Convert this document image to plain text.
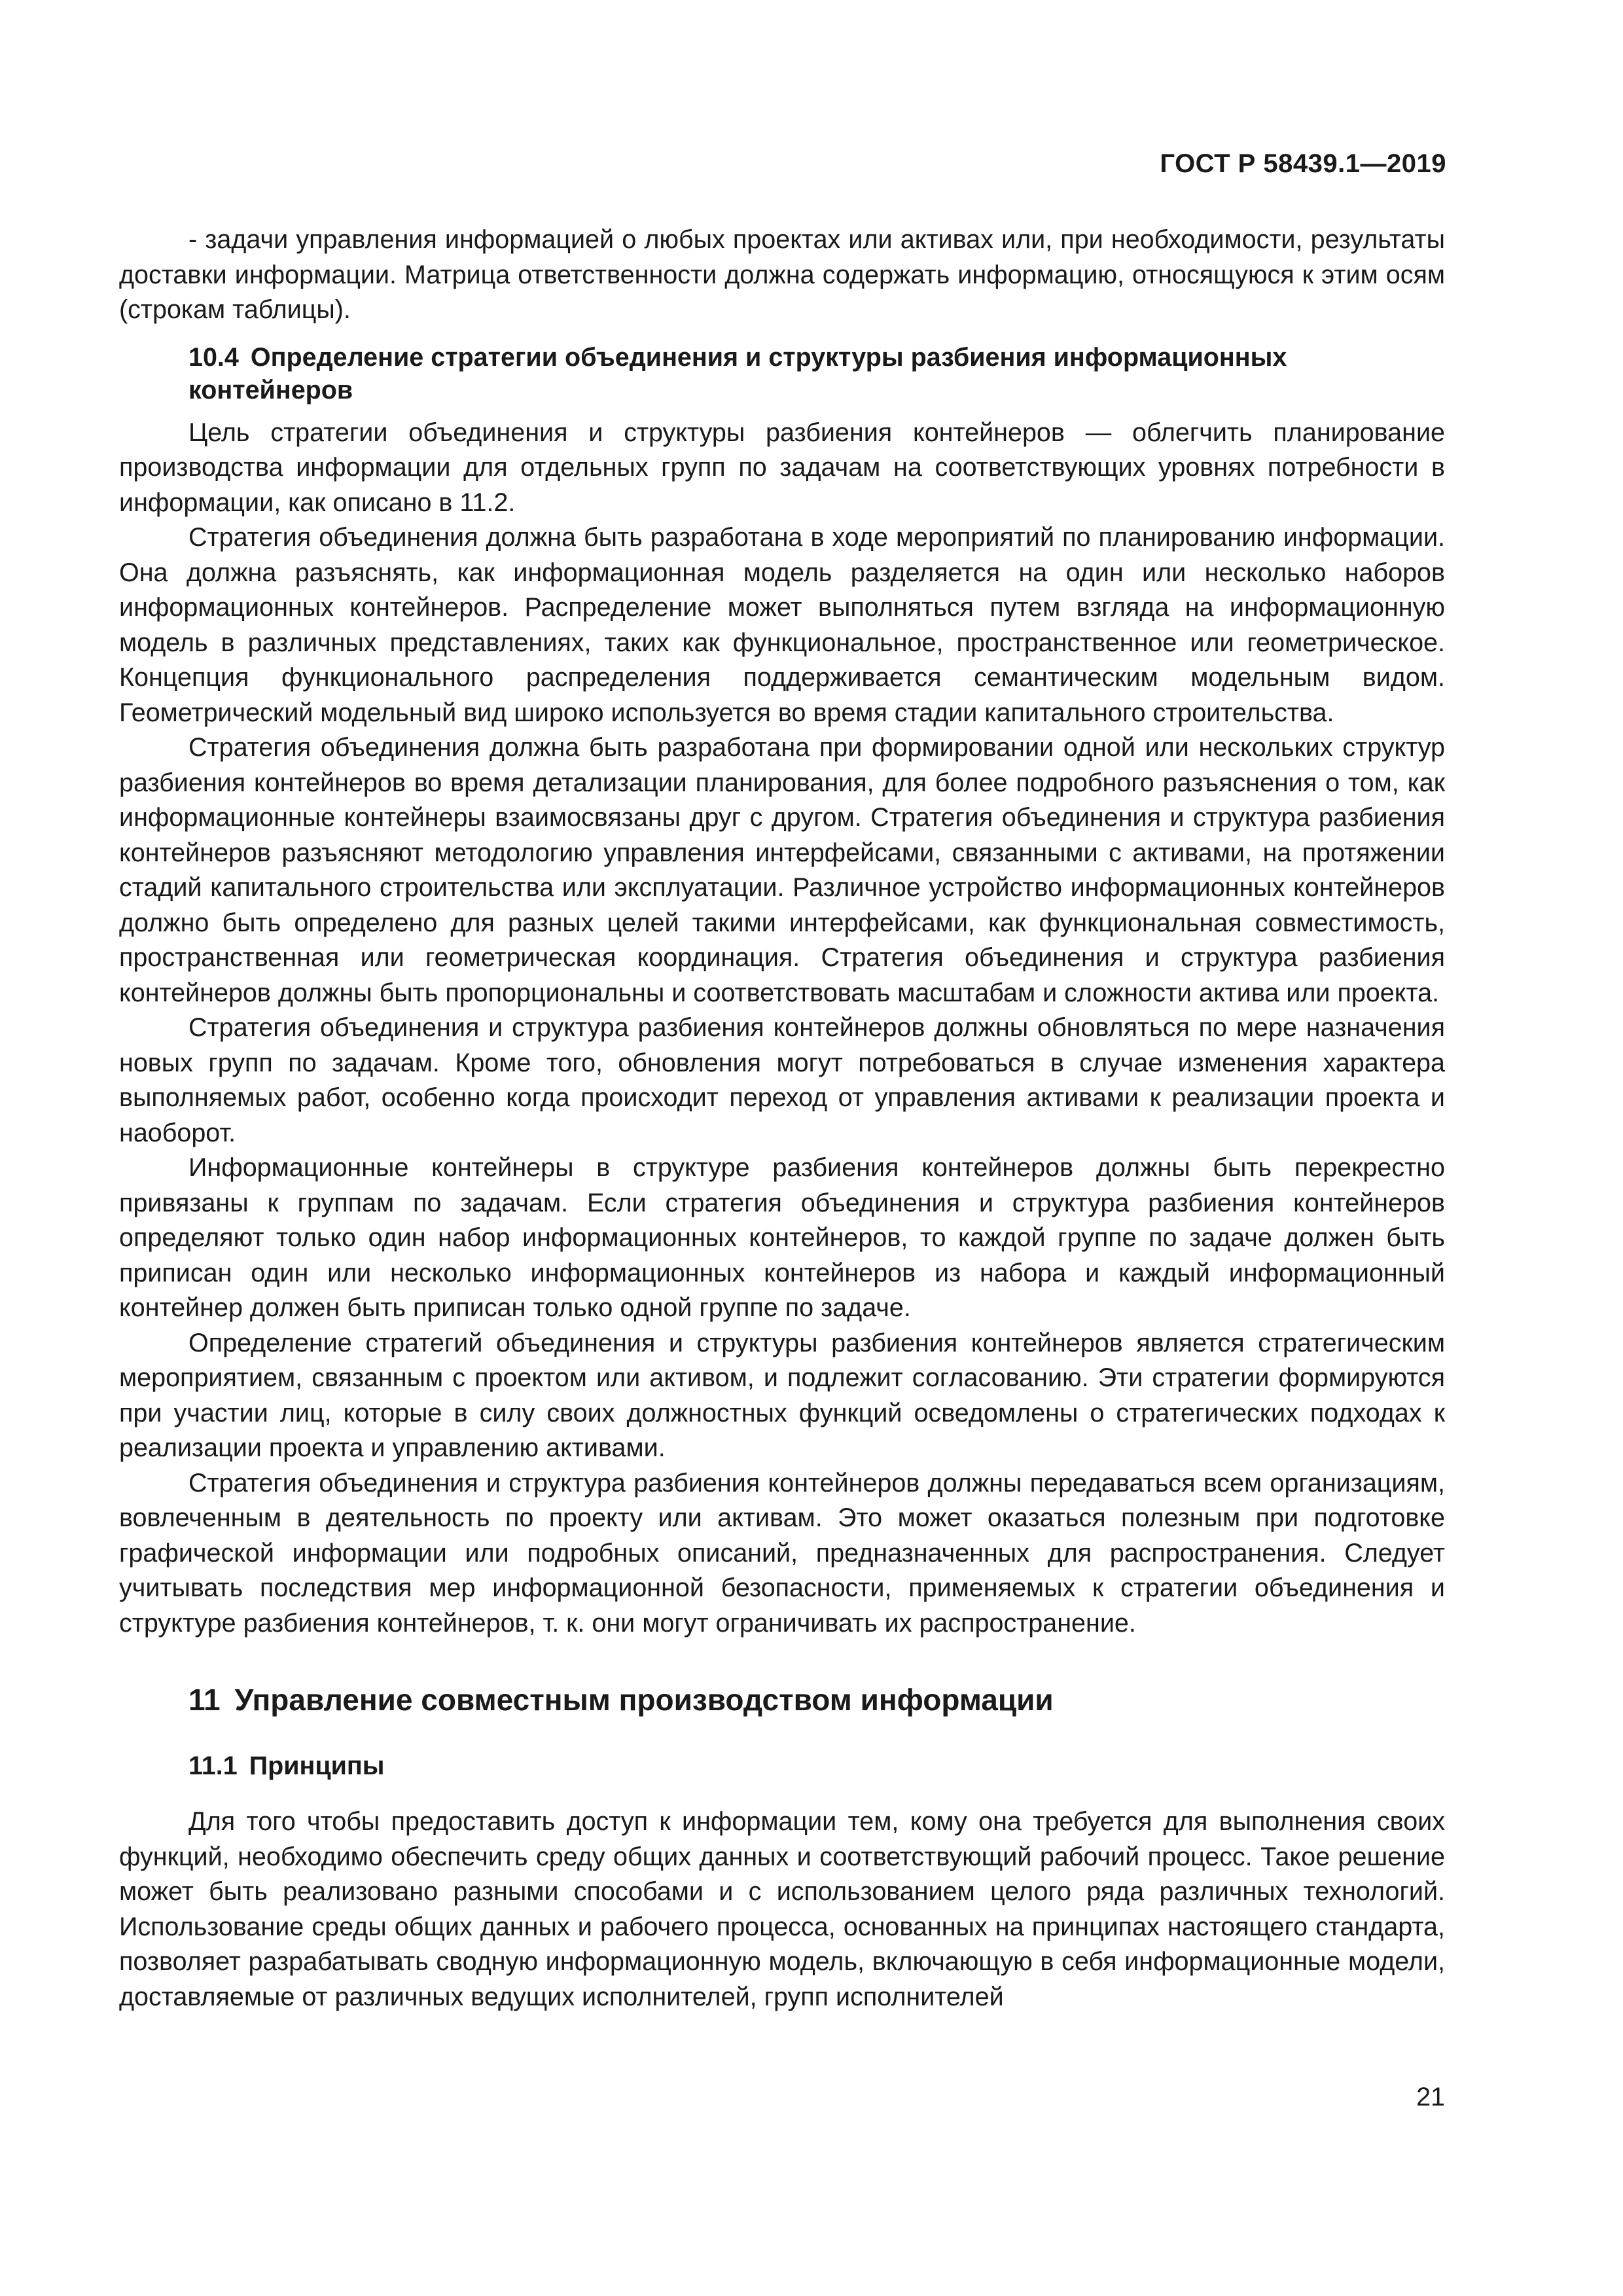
ГОСТ Р 58439.1—2019

- задачи управления информацией о любых проектах или активах или, при необходимости, результаты доставки информации. Матрица ответственности должна содержать информацию, относящуюся к этим осям (строкам таблицы).

10.4 Определение стратегии объединения и структуры разбиения информационных
контейнеров

Цель стратегии объединения и структуры разбиения контейнеров — облегчить планирование производства информации для отдельных групп по задачам на соответствующих уровнях потребности в информации, как описано в 11.2.

Стратегия объединения должна быть разработана в ходе мероприятий по планированию информации. Она должна разъяснять, как информационная модель разделяется на один или несколько наборов информационных контейнеров. Распределение может выполняться путем взгляда на информационную модель в различных представлениях, таких как функциональное, пространственное или геометрическое. Концепция функционального распределения поддерживается семантическим модельным видом. Геометрический модельный вид широко используется во время стадии капитального строительства.

Стратегия объединения должна быть разработана при формировании одной или нескольких структур разбиения контейнеров во время детализации планирования, для более подробного разъяснения о том, как информационные контейнеры взаимосвязаны друг с другом. Стратегия объединения и структура разбиения контейнеров разъясняют методологию управления интерфейсами, связанными с активами, на протяжении стадий капитального строительства или эксплуатации. Различное устройство информационных контейнеров должно быть определено для разных целей такими интерфейсами, как функциональная совместимость, пространственная или геометрическая координация. Стратегия объединения и структура разбиения контейнеров должны быть пропорциональны и соответствовать масштабам и сложности актива или проекта.

Стратегия объединения и структура разбиения контейнеров должны обновляться по мере назначения новых групп по задачам. Кроме того, обновления могут потребоваться в случае изменения характера выполняемых работ, особенно когда происходит переход от управления активами к реализации проекта и наоборот.

Информационные контейнеры в структуре разбиения контейнеров должны быть перекрестно привязаны к группам по задачам. Если стратегия объединения и структура разбиения контейнеров определяют только один набор информационных контейнеров, то каждой группе по задаче должен быть приписан один или несколько информационных контейнеров из набора и каждый информационный контейнер должен быть приписан только одной группе по задаче.

Определение стратегий объединения и структуры разбиения контейнеров является стратегическим мероприятием, связанным с проектом или активом, и подлежит согласованию. Эти стратегии формируются при участии лиц, которые в силу своих должностных функций осведомлены о стратегических подходах к реализации проекта и управлению активами.

Стратегия объединения и структура разбиения контейнеров должны передаваться всем организациям, вовлеченным в деятельность по проекту или активам. Это может оказаться полезным при подготовке графической информации или подробных описаний, предназначенных для распространения. Следует учитывать последствия мер информационной безопасности, применяемых к стратегии объединения и структуре разбиения контейнеров, т. к. они могут ограничивать их распространение.

11 Управление совместным производством информации
11.1 Принципы

Для того чтобы предоставить доступ к информации тем, кому она требуется для выполнения своих функций, необходимо обеспечить среду общих данных и соответствующий рабочий процесс. Такое решение может быть реализовано разными способами и с использованием целого ряда различных технологий. Использование среды общих данных и рабочего процесса, основанных на принципах настоящего стандарта, позволяет разрабатывать сводную информационную модель, включающую в себя информационные модели, доставляемые от различных ведущих исполнителей, групп исполнителей

21
